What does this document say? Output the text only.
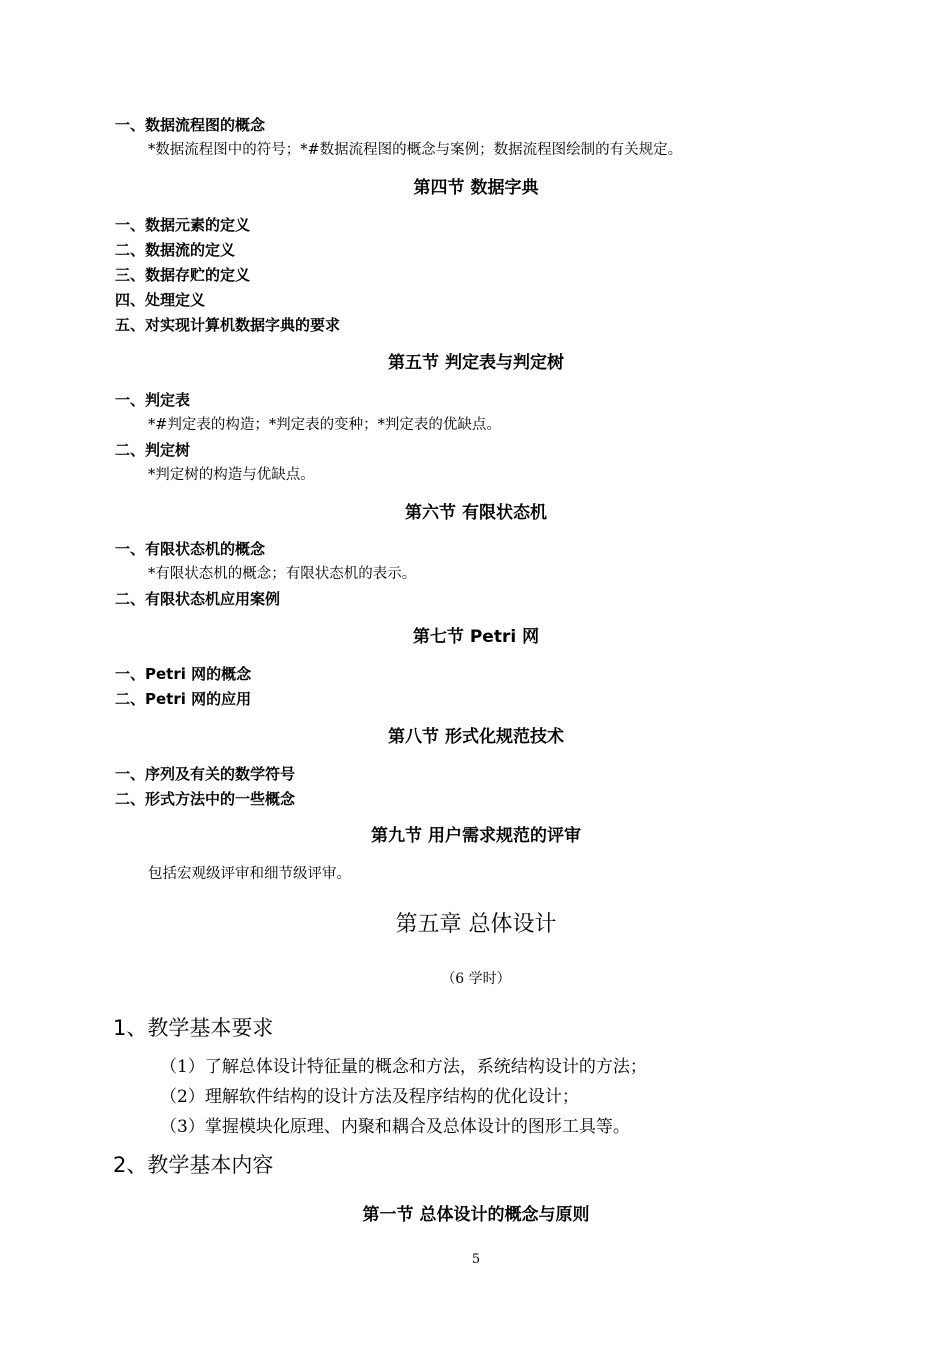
一、数据流程图的概念
*数据流程图中的符号；*#数据流程图的概念与案例；数据流程图绘制的有关规定。
第四节 数据字典
一、数据元素的定义
二、数据流的定义
三、数据存贮的定义
四、处理定义
五、对实现计算机数据字典的要求
第五节 判定表与判定树
一、判定表
*#判定表的构造；*判定表的变种；*判定表的优缺点。
二、判定树
*判定树的构造与优缺点。
第六节 有限状态机
一、有限状态机的概念
*有限状态机的概念；有限状态机的表示。
二、有限状态机应用案例
第七节 Petri 网
一、Petri 网的概念
二、Petri 网的应用
第八节 形式化规范技术
一、序列及有关的数学符号
二、形式方法中的一些概念
第九节 用户需求规范的评审
包括宏观级评审和细节级评审。
第五章 总体设计
（6 学时）
1、教学基本要求
（1）了解总体设计特征量的概念和方法，系统结构设计的方法；
（2）理解软件结构的设计方法及程序结构的优化设计；
（3）掌握模块化原理、内聚和耦合及总体设计的图形工具等。
2、教学基本内容
第一节 总体设计的概念与原则
5
